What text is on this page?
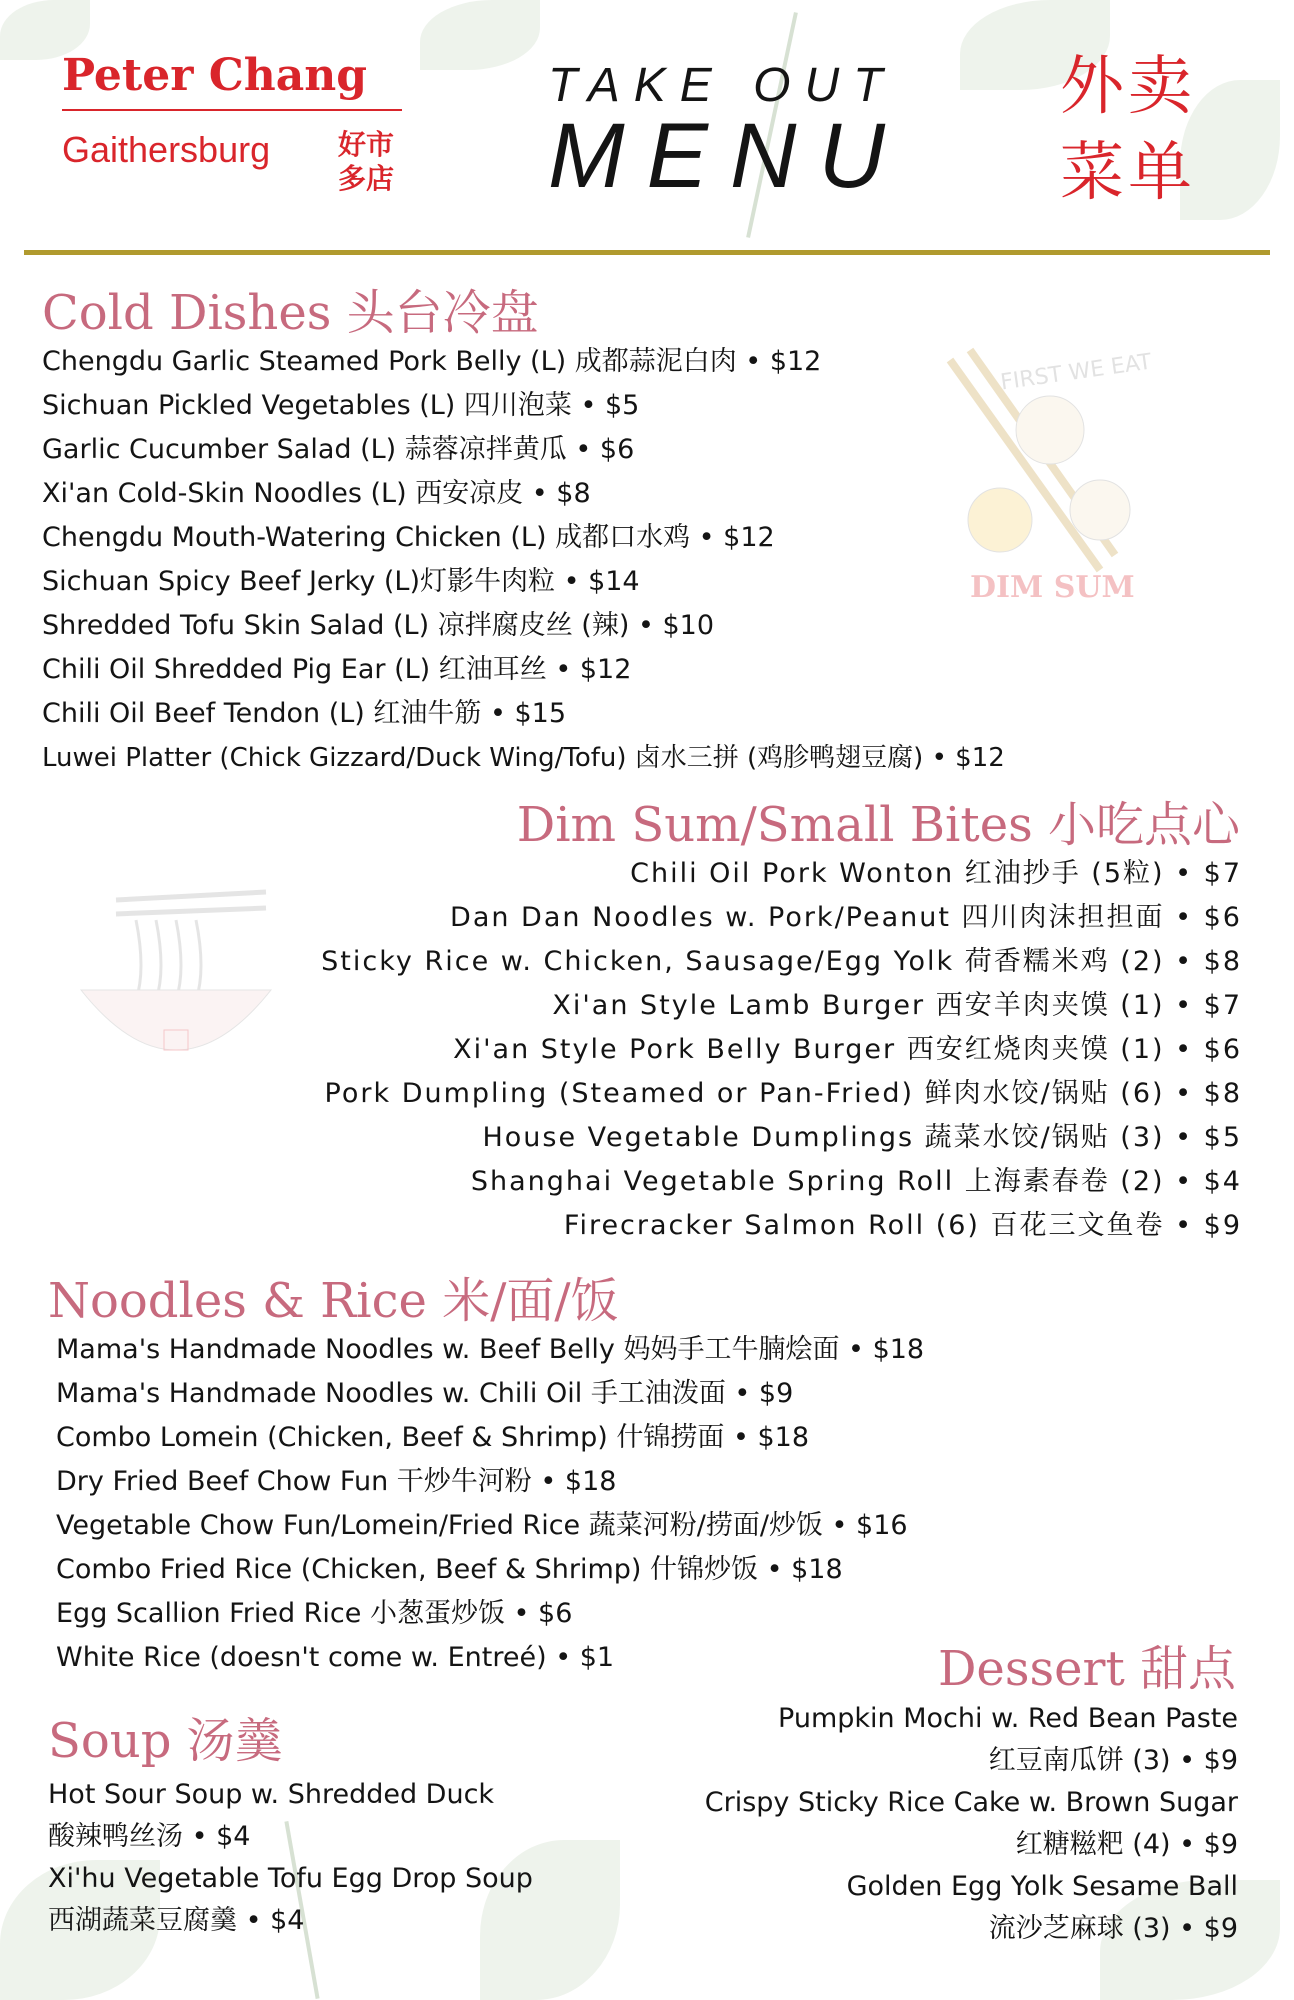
FIRST WE EAT
DIM SUM
Peter Chang
Gaithersburg	好市多店
TAKE OUT
MENU
外卖菜单
Cold Dishes 头台冷盘
Chengdu Garlic Steamed Pork Belly (L) 成都蒜泥白肉 • $12
Sichuan Pickled Vegetables (L) 四川泡菜 • $5
Garlic Cucumber Salad (L) 蒜蓉凉拌黄瓜 • $6
Xi'an Cold-Skin Noodles (L) 西安凉皮 • $8
Chengdu Mouth-Watering Chicken (L) 成都口水鸡 • $12
Sichuan Spicy Beef Jerky (L)灯影牛肉粒 • $14
Shredded Tofu Skin Salad (L) 凉拌腐皮丝 (辣) • $10
Chili Oil Shredded Pig Ear (L) 红油耳丝 • $12
Chili Oil Beef Tendon (L) 红油牛筋 • $15
Luwei Platter (Chick Gizzard/Duck Wing/Tofu) 卤水三拼 (鸡胗鸭翅豆腐) • $12
Dim Sum/Small Bites 小吃点心
Chili Oil Pork Wonton 红油抄手 (5粒) • $7
Dan Dan Noodles w. Pork/Peanut 四川肉沫担担面 • $6
Sticky Rice w. Chicken, Sausage/Egg Yolk 荷香糯米鸡 (2) • $8
Xi'an Style Lamb Burger 西安羊肉夹馍 (1) • $7
Xi'an Style Pork Belly Burger 西安红烧肉夹馍 (1) • $6
Pork Dumpling (Steamed or Pan-Fried) 鲜肉水饺/锅贴 (6) • $8
House Vegetable Dumplings 蔬菜水饺/锅贴 (3) • $5
Shanghai Vegetable Spring Roll 上海素春卷 (2) • $4
Firecracker Salmon Roll (6) 百花三文鱼卷 • $9
Noodles & Rice 米/面/饭
Mama's Handmade Noodles w. Beef Belly 妈妈手工牛腩烩面 • $18
Mama's Handmade Noodles w. Chili Oil 手工油泼面 • $9
Combo Lomein (Chicken, Beef & Shrimp) 什锦捞面 • $18
Dry Fried Beef Chow Fun 干炒牛河粉 • $18
Vegetable Chow Fun/Lomein/Fried Rice 蔬菜河粉/捞面/炒饭 • $16
Combo Fried Rice (Chicken, Beef & Shrimp) 什锦炒饭 • $18
Egg Scallion Fried Rice 小葱蛋炒饭 • $6
White Rice (doesn't come w. Entreé) • $1
Soup 汤羹
Hot Sour Soup w. Shredded Duck
酸辣鸭丝汤 • $4
Xi'hu Vegetable Tofu Egg Drop Soup
西湖蔬菜豆腐羹 • $4
Dessert 甜点
Pumpkin Mochi w. Red Bean Paste
红豆南瓜饼 (3) • $9
Crispy Sticky Rice Cake w. Brown Sugar
红糖糍粑 (4) • $9
Golden Egg Yolk Sesame Ball
流沙芝麻球 (3) • $9
